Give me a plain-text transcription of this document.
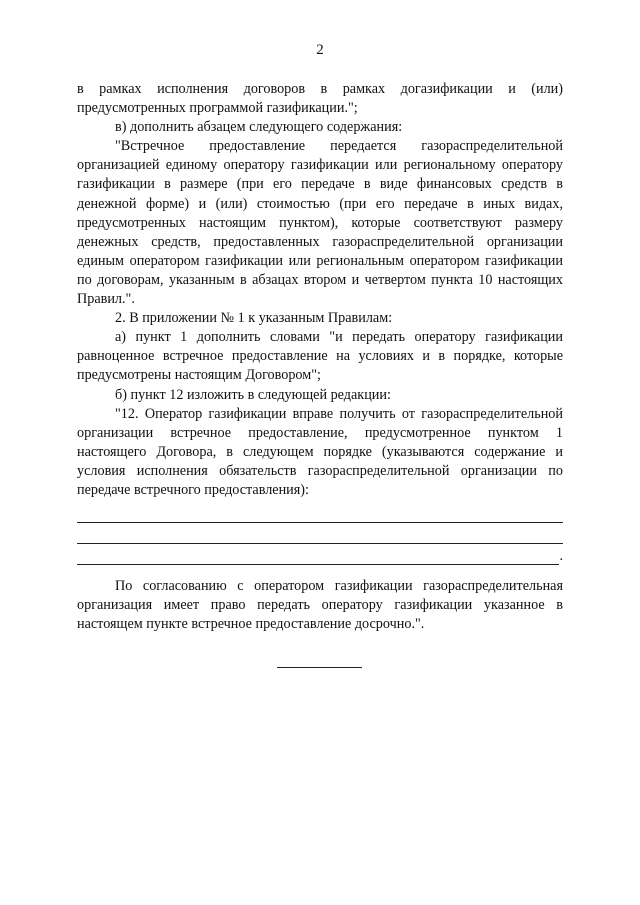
2

в рамках исполнения договоров в рамках догазификации и (или) предусмотренных программой газификации.";

в) дополнить абзацем следующего содержания:

"Встречное предоставление передается газораспределительной организацией единому оператору газификации или региональному оператору газификации в размере (при его передаче в виде финансовых средств в денежной форме) и (или) стоимостью (при его передаче в иных видах, предусмотренных настоящим пунктом), которые соответствуют размеру денежных средств, предоставленных газораспределительной организации единым оператором газификации или региональным оператором газификации по договорам, указанным в абзацах втором и четвертом пункта 10 настоящих Правил.".

2. В приложении № 1 к указанным Правилам:

а) пункт 1 дополнить словами "и передать оператору газификации равноценное встречное предоставление на условиях и в порядке, которые предусмотрены настоящим Договором";

б) пункт 12 изложить в следующей редакции:

"12. Оператор газификации вправе получить от газораспределительной организации встречное предоставление, предусмотренное пунктом 1 настоящего Договора, в следующем порядке (указываются содержание и условия исполнения обязательств газораспределительной организации по передаче встречного предоставления):

.

По согласованию с оператором газификации газораспределительная организация имеет право передать оператору газификации указанное в настоящем пункте встречное предоставление досрочно.".
